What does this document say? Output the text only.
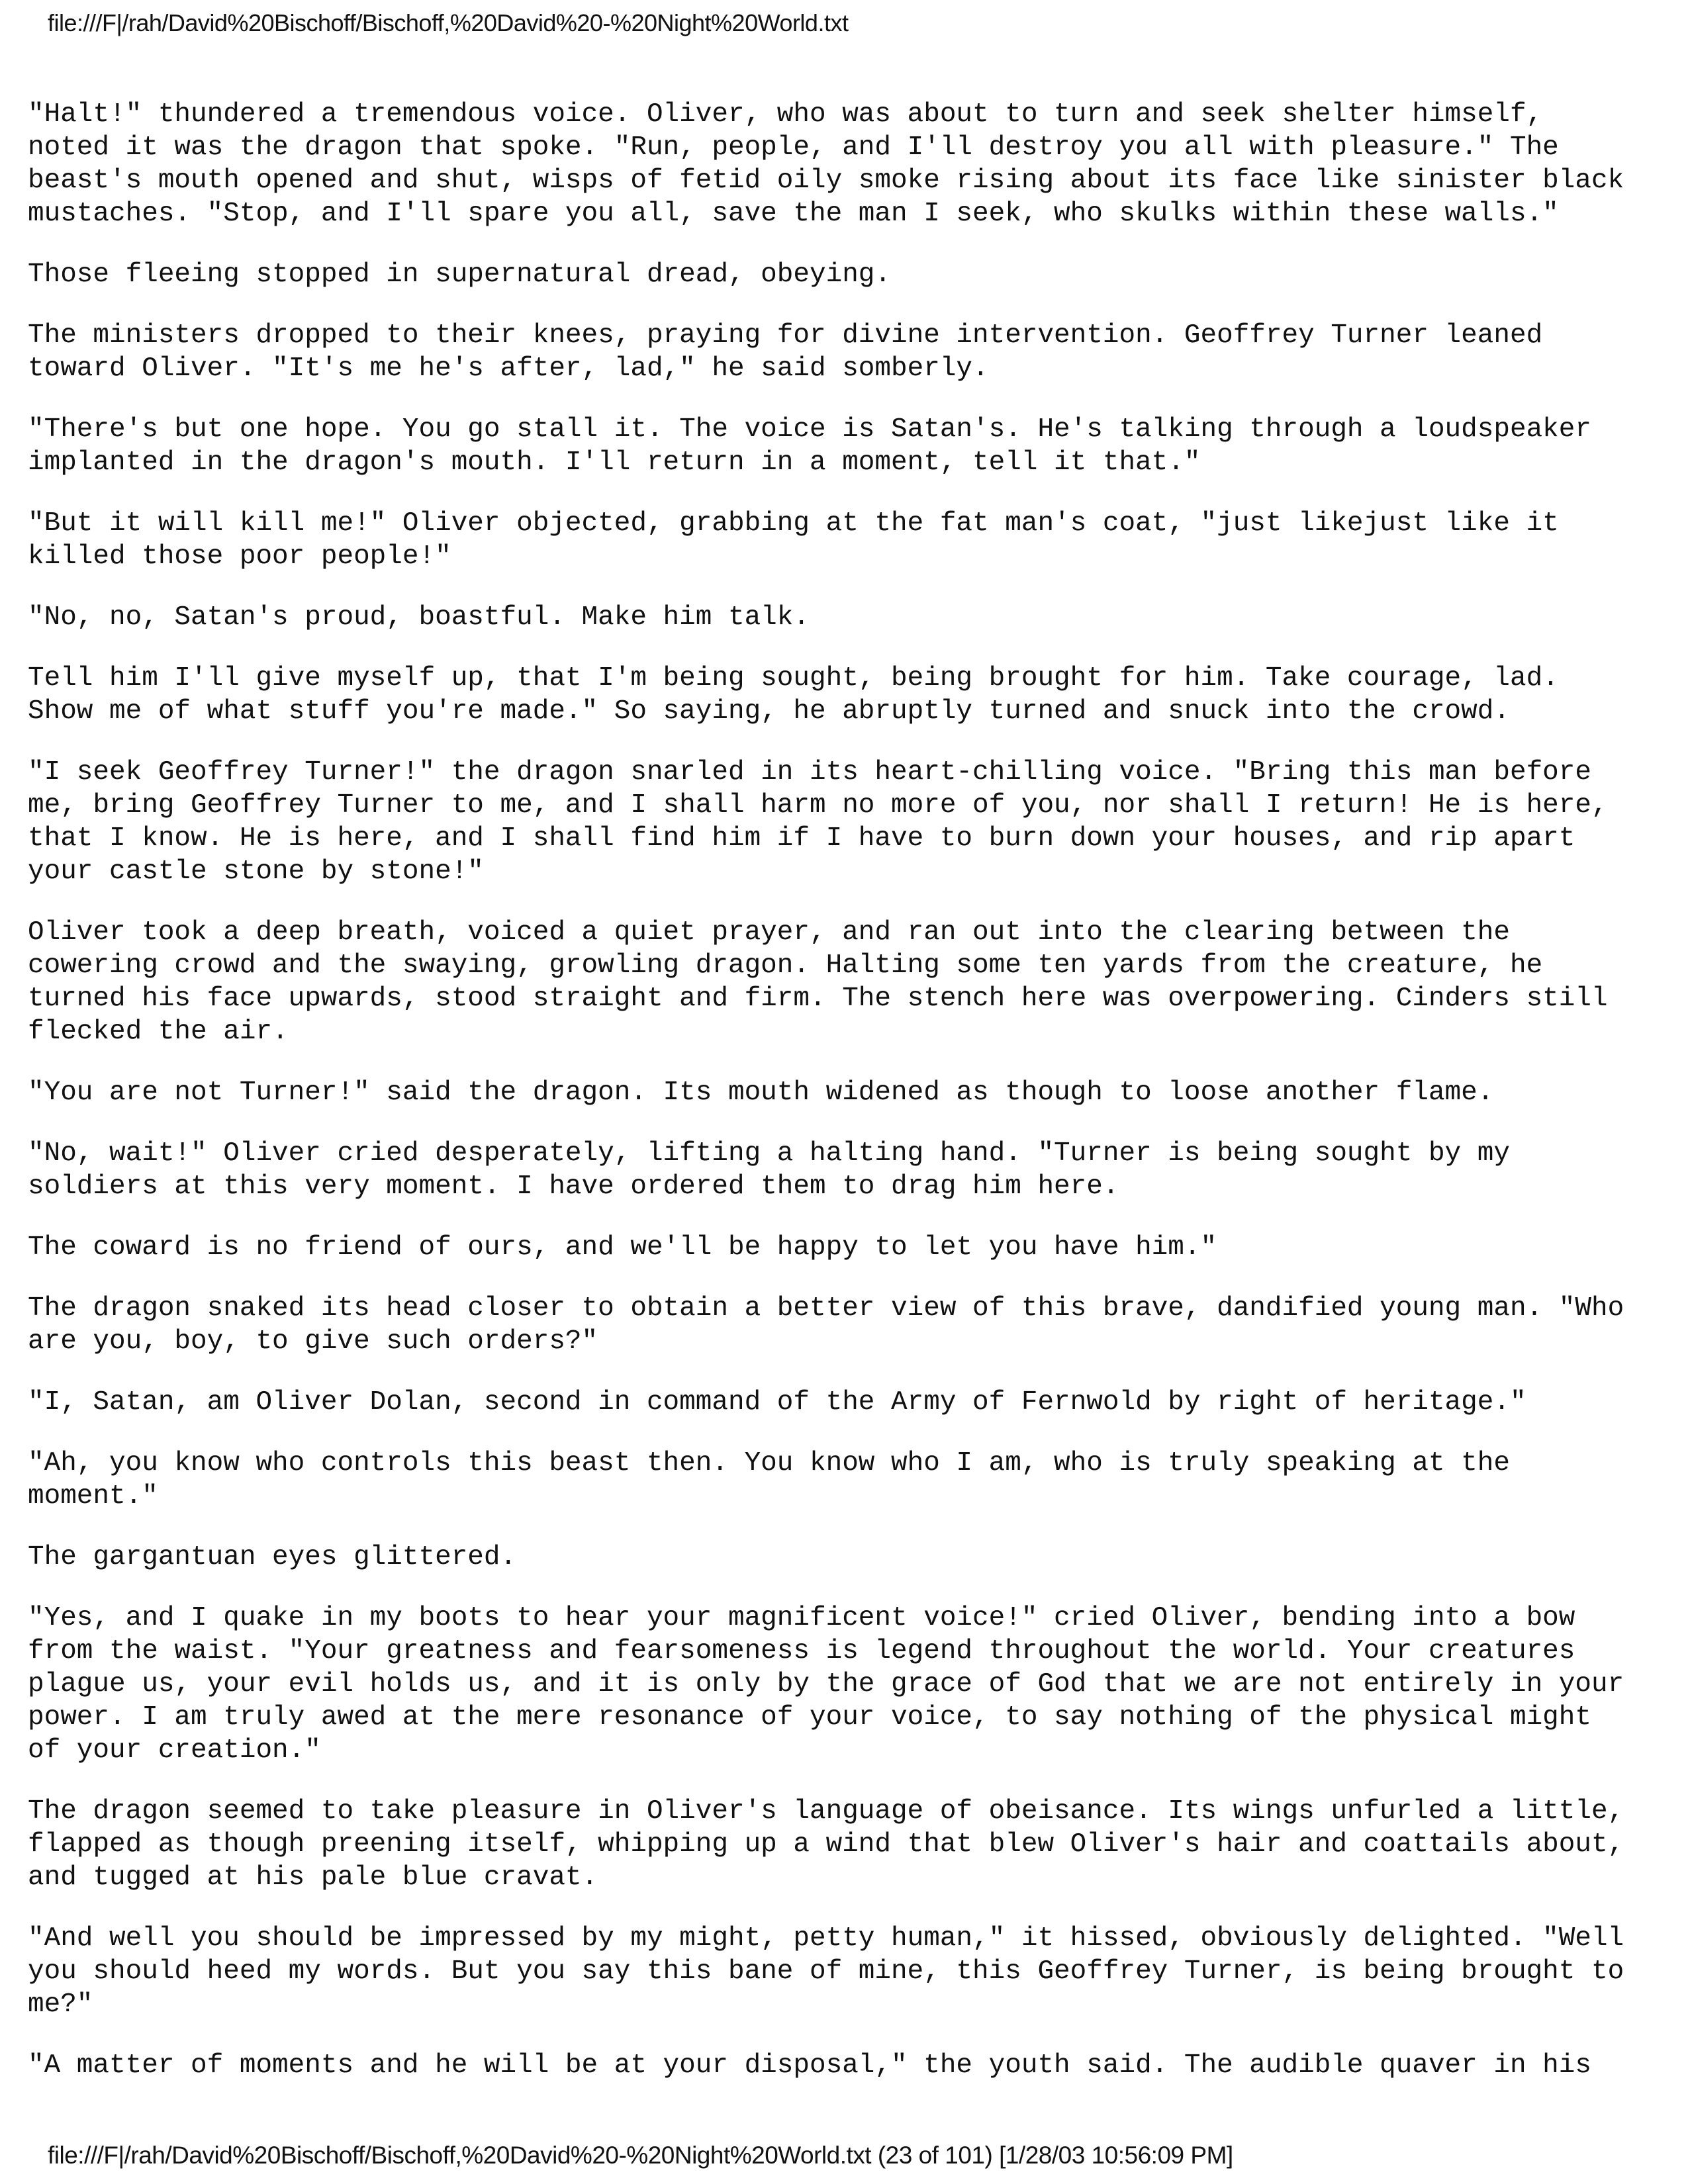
file:///F|/rah/David%20Bischoff/Bischoff,%20David%20-%20Night%20World.txt

"Halt!" thundered a tremendous voice. Oliver, who was about to turn and seek shelter himself,
noted it was the dragon that spoke. "Run, people, and I'll destroy you all with pleasure." The
beast's mouth opened and shut, wisps of fetid oily smoke rising about its face like sinister black
mustaches. "Stop, and I'll spare you all, save the man I seek, who skulks within these walls."

Those fleeing stopped in supernatural dread, obeying.

The ministers dropped to their knees, praying for divine intervention. Geoffrey Turner leaned
toward Oliver. "It's me he's after, lad," he said somberly.

"There's but one hope. You go stall it. The voice is Satan's. He's talking through a loudspeaker
implanted in the dragon's mouth. I'll return in a moment, tell it that."

"But it will kill me!" Oliver objected, grabbing at the fat man's coat, "just likejust like it
killed those poor people!"

"No, no, Satan's proud, boastful. Make him talk.

Tell him I'll give myself up, that I'm being sought, being brought for him. Take courage, lad.
Show me of what stuff you're made." So saying, he abruptly turned and snuck into the crowd.

"I seek Geoffrey Turner!" the dragon snarled in its heart-chilling voice. "Bring this man before
me, bring Geoffrey Turner to me, and I shall harm no more of you, nor shall I return! He is here,
that I know. He is here, and I shall find him if I have to burn down your houses, and rip apart
your castle stone by stone!"

Oliver took a deep breath, voiced a quiet prayer, and ran out into the clearing between the
cowering crowd and the swaying, growling dragon. Halting some ten yards from the creature, he
turned his face upwards, stood straight and firm. The stench here was overpowering. Cinders still
flecked the air.

"You are not Turner!" said the dragon. Its mouth widened as though to loose another flame.

"No, wait!" Oliver cried desperately, lifting a halting hand. "Turner is being sought by my
soldiers at this very moment. I have ordered them to drag him here.

The coward is no friend of ours, and we'll be happy to let you have him."

The dragon snaked its head closer to obtain a better view of this brave, dandified young man. "Who
are you, boy, to give such orders?"

"I, Satan, am Oliver Dolan, second in command of the Army of Fernwold by right of heritage."

"Ah, you know who controls this beast then. You know who I am, who is truly speaking at the
moment."

The gargantuan eyes glittered.

"Yes, and I quake in my boots to hear your magnificent voice!" cried Oliver, bending into a bow
from the waist. "Your greatness and fearsomeness is legend throughout the world. Your creatures
plague us, your evil holds us, and it is only by the grace of God that we are not entirely in your
power. I am truly awed at the mere resonance of your voice, to say nothing of the physical might
of your creation."

The dragon seemed to take pleasure in Oliver's language of obeisance. Its wings unfurled a little,
flapped as though preening itself, whipping up a wind that blew Oliver's hair and coattails about,
and tugged at his pale blue cravat.

"And well you should be impressed by my might, petty human," it hissed, obviously delighted. "Well
you should heed my words. But you say this bane of mine, this Geoffrey Turner, is being brought to
me?"

"A matter of moments and he will be at your disposal," the youth said. The audible quaver in his

file:///F|/rah/David%20Bischoff/Bischoff,%20David%20-%20Night%20World.txt (23 of 101) [1/28/03 10:56:09 PM]
